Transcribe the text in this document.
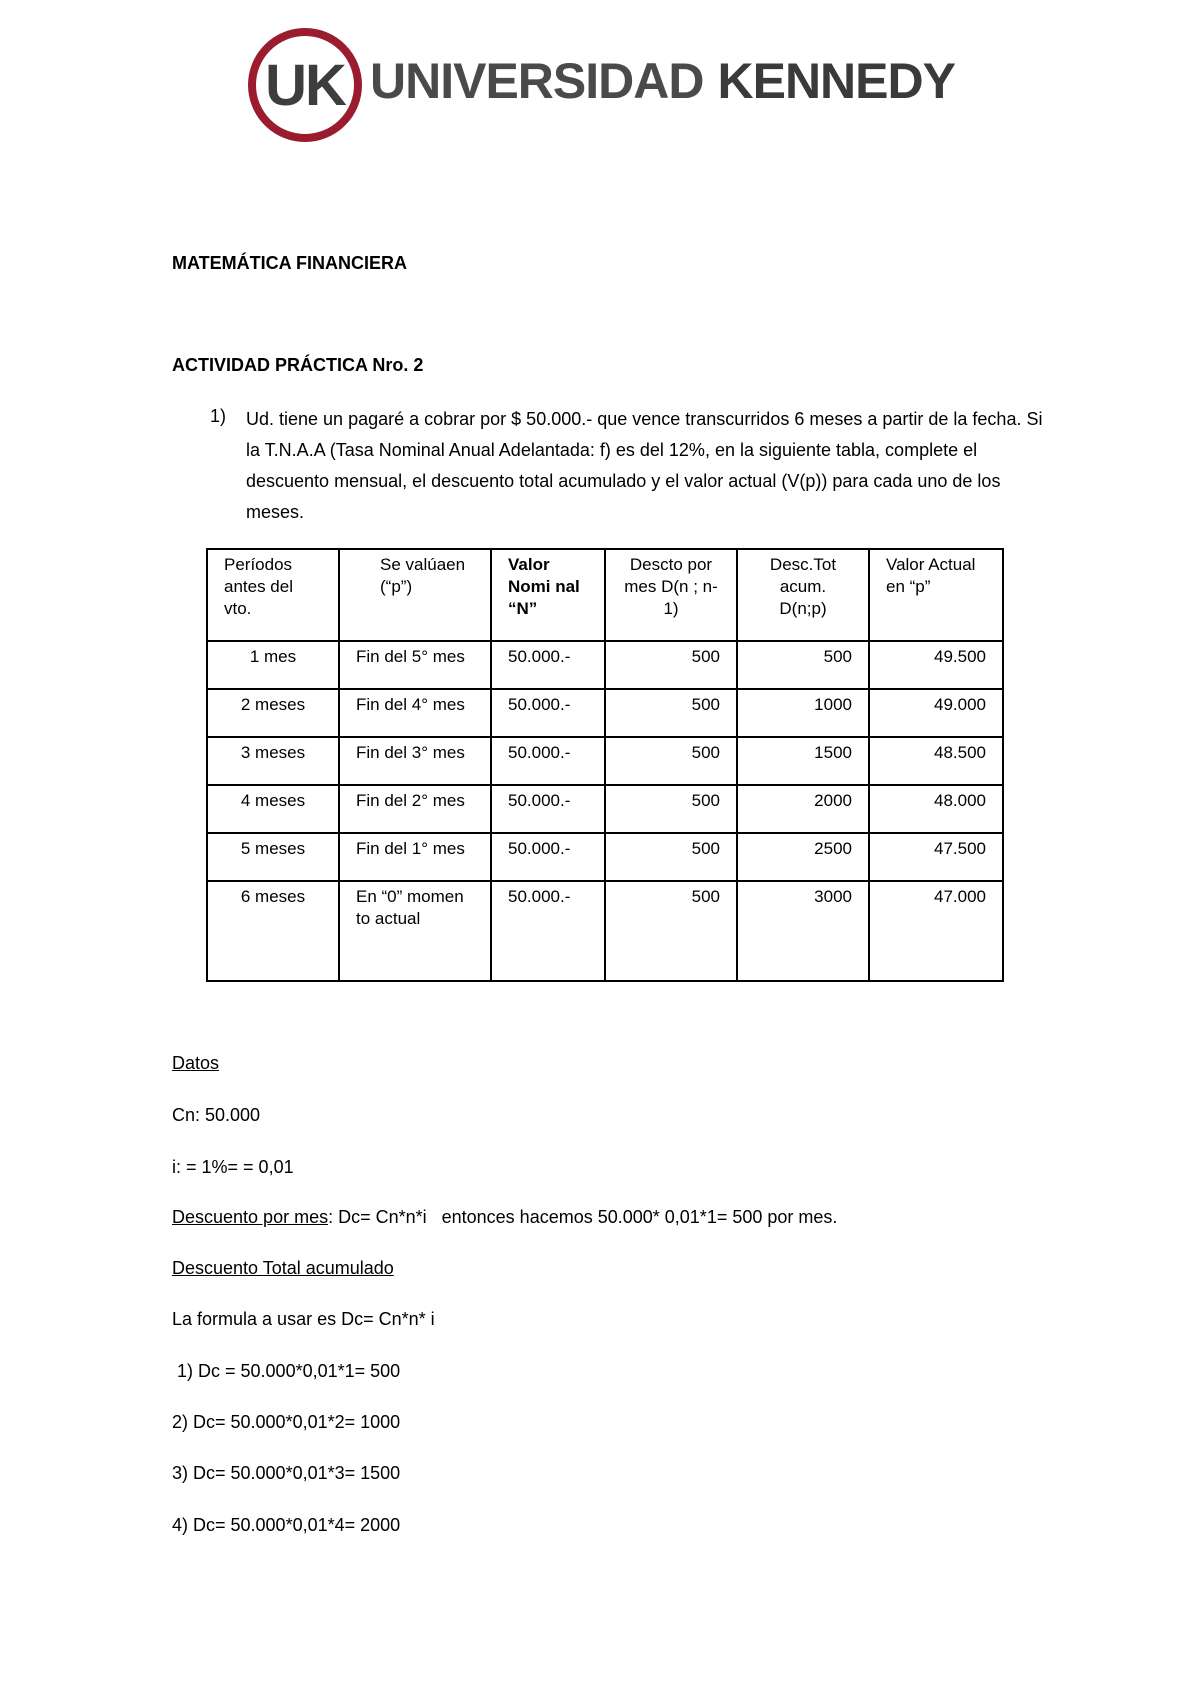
UK UNIVERSIDAD KENNEDY
MATEMÁTICA FINANCIERA
ACTIVIDAD PRÁCTICA Nro. 2
1) Ud. tiene un pagaré a cobrar por $ 50.000.- que vence transcurridos 6 meses a partir de la fecha. Si la T.N.A.A (Tasa Nominal Anual Adelantada: f) es del 12%, en la siguiente tabla, complete el descuento mensual, el descuento total acumulado y el valor actual (V(p)) para cada uno de los meses.
Períodos antes del vto.	Se valúaen (“p”)	Valor Nomi nal “N”	Descto por mes D(n ; n-1)	Desc.Tot acum. D(n;p)	Valor Actual en “p”
1 mes	Fin del 5° mes	50.000.-	500	500	49.500
2 meses	Fin del 4° mes	50.000.-	500	1000	49.000
3 meses	Fin del 3° mes	50.000.-	500	1500	48.500
4 meses	Fin del 2° mes	50.000.-	500	2000	48.000
5 meses	Fin del 1° mes	50.000.-	500	2500	47.500
6 meses	En “0” momen to actual	50.000.-	500	3000	47.000
Datos
Cn: 50.000
i: = 1%= = 0,01
Descuento por mes: Dc= Cn*n*i   entonces hacemos 50.000* 0,01*1= 500 por mes.
Descuento Total acumulado
La formula a usar es Dc= Cn*n* i
1) Dc = 50.000*0,01*1= 500
2) Dc= 50.000*0,01*2= 1000
3) Dc= 50.000*0,01*3= 1500
4) Dc= 50.000*0,01*4= 2000
